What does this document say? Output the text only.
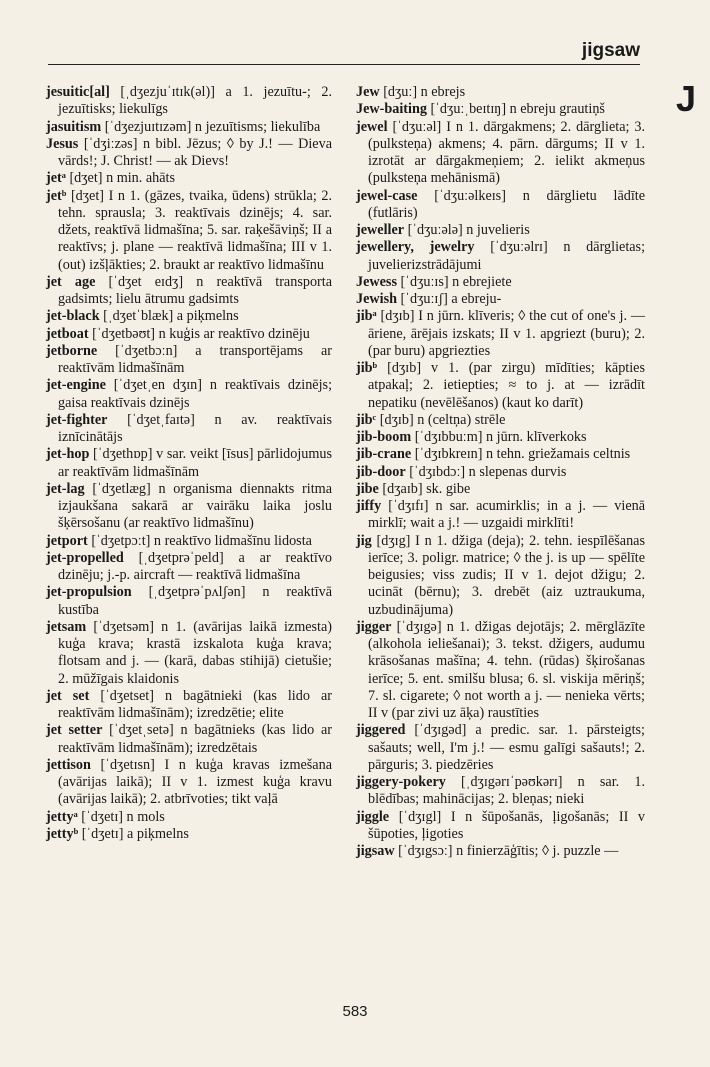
jigsaw
J

jesuitic[al] [ˌdʒezjuˈɪtɪk(əl)] a 1. jezuītu-; 2. jezuītisks; liekulīgs

jasuitism [ˈdʒezjuɪtɪzəm] n jezuītisms; liekulība

Jesus [ˈdʒiːzəs] n bibl. Jēzus; ◊ by J.! — Dieva vārds!; J. Christ! — ak Dievs!

jetᵃ [dʒet] n min. ahāts

jetᵇ [dʒet] I n 1. (gāzes, tvaika, ūdens) strūkla; 2. tehn. sprausla; 3. reaktīvais dzinējs; 4. sar. džets, reaktīvā lidmašīna; 5. sar. raķešāviņš; II a reaktīvs; j. plane — reaktīvā lidmašīna; III v 1. (out) izšļākties; 2. braukt ar reaktīvo lidmašīnu

jet age [ˈdʒet eɪdʒ] n reaktīvā transporta gadsimts; lielu ātrumu gadsimts

jet-black [ˌdʒetˈblæk] a piķmelns

jetboat [ˈdʒetbəʊt] n kuģis ar reaktīvo dzinēju

jetborne [ˈdʒetbɔːn] a transportējams ar reaktīvām lidmašīnām

jet-engine [ˈdʒetˌen dʒɪn] n reaktīvais dzinējs; gaisa reaktīvais dzinējs

jet-fighter [ˈdʒetˌfaɪtə] n av. reaktīvais iznīcinātājs

jet-hop [ˈdʒethɒp] v sar. veikt [īsus] pārlidojumus ar reaktīvām lidmašīnām

jet-lag [ˈdʒetlæg] n organisma diennakts ritma izjaukšana sakarā ar vairāku laika joslu šķērsošanu (ar reaktīvo lidmašīnu)

jetport [ˈdʒetpɔːt] n reaktīvo lidmašīnu lidosta

jet-propelled [ˌdʒetprəˈpeld] a ar reaktīvo dzinēju; j.-p. aircraft — reaktīvā lidmašīna

jet-propulsion [ˌdʒetprəˈpʌlʃən] n reaktīvā kustība

jetsam [ˈdʒetsəm] n 1. (avārijas laikā izmesta) kuģa krava; krastā izskalota kuģa krava; flotsam and j. — (karā, dabas stihijā) cietušie; 2. mūžīgais klaidonis

jet set [ˈdʒetset] n bagātnieki (kas lido ar reaktīvām lidmašīnām); izredzētie; elite

jet setter [ˈdʒetˌsetə] n bagātnieks (kas lido ar reaktīvām lidmašīnām); izredzētais

jettison [ˈdʒetɪsn] I n kuģa kravas izmešana (avārijas laikā); II v 1. izmest kuģa kravu (avārijas laikā); 2. atbrīvoties; tikt vaļā

jettyᵃ [ˈdʒetɪ] n mols

jettyᵇ [ˈdʒetɪ] a piķmelns

Jew [dʒuː] n ebrejs

Jew-baiting [ˈdʒuːˌbeɪtɪŋ] n ebreju grautiņš

jewel [ˈdʒuːəl] I n 1. dārgakmens; 2. dārglieta; 3. (pulksteņa) akmens; 4. pārn. dārgums; II v 1. izrotāt ar dārgakmeņiem; 2. ielikt akmeņus (pulksteņa mehānismā)

jewel-case [ˈdʒuːəlkeɪs] n dārglietu lādīte (futlāris)

jeweller [ˈdʒuːələ] n juvelieris

jewellery, jewelry [ˈdʒuːəlrɪ] n dārglietas; juvelierizstrādājumi

Jewess [ˈdʒuːɪs] n ebrejiete

Jewish [ˈdʒuːɪʃ] a ebreju-

jibᵃ [dʒɪb] I n jūrn. klīveris; ◊ the cut of one's j. — āriene, ārējais izskats; II v 1. apgriezt (buru); 2. (par buru) apgriezties

jibᵇ [dʒɪb] v 1. (par zirgu) mīdīties; kāpties atpakaļ; 2. ietiepties; ≈ to j. at — izrādīt nepatiku (nevēlēšanos) (kaut ko darīt)

jibᶜ [dʒɪb] n (celtņa) strēle

jib-boom [ˈdʒɪbbuːm] n jūrn. klīverkoks

jib-crane [ˈdʒɪbkreɪn] n tehn. griežamais celtnis

jib-door [ˈdʒɪbdɔː] n slepenas durvis

jibe [dʒaɪb] sk. gibe

jiffy [ˈdʒɪfɪ] n sar. acumirklis; in a j. — vienā mirklī; wait a j.! — uzgaidi mirklīti!

jig [dʒɪg] I n 1. džiga (deja); 2. tehn. iespīlēšanas ierīce; 3. poligr. matrice; ◊ the j. is up — spēlīte beigusies; viss zudis; II v 1. dejot džigu; 2. ucināt (bērnu); 3. drebēt (aiz uztraukuma, uzbudinājuma)

jigger [ˈdʒɪgə] n 1. džigas dejotājs; 2. mērglāzīte (alkohola ieliešanai); 3. tekst. džigers, audumu krāsošanas mašīna; 4. tehn. (rūdas) šķirošanas ierīce; 5. ent. smilšu blusa; 6. sl. viskija mēriņš; 7. sl. cigarete; ◊ not worth a j. — nenieka vērts; II v (par zivi uz āķa) raustīties

jiggered [ˈdʒɪgəd] a predic. sar. 1. pārsteigts; sašauts; well, I'm j.! — esmu galīgi sašauts!; 2. pārguris; 3. piedzēries

jiggery-pokery [ˌdʒɪgərɪˈpəʊkərɪ] n sar. 1. blēdības; mahinācijas; 2. bleņas; nieki

jiggle [ˈdʒɪgl] I n šūpošanās, ļigošanās; II v šūpoties, ļigoties

jigsaw [ˈdʒɪgsɔː] n finierzāģītis; ◊ j. puzzle —

583
